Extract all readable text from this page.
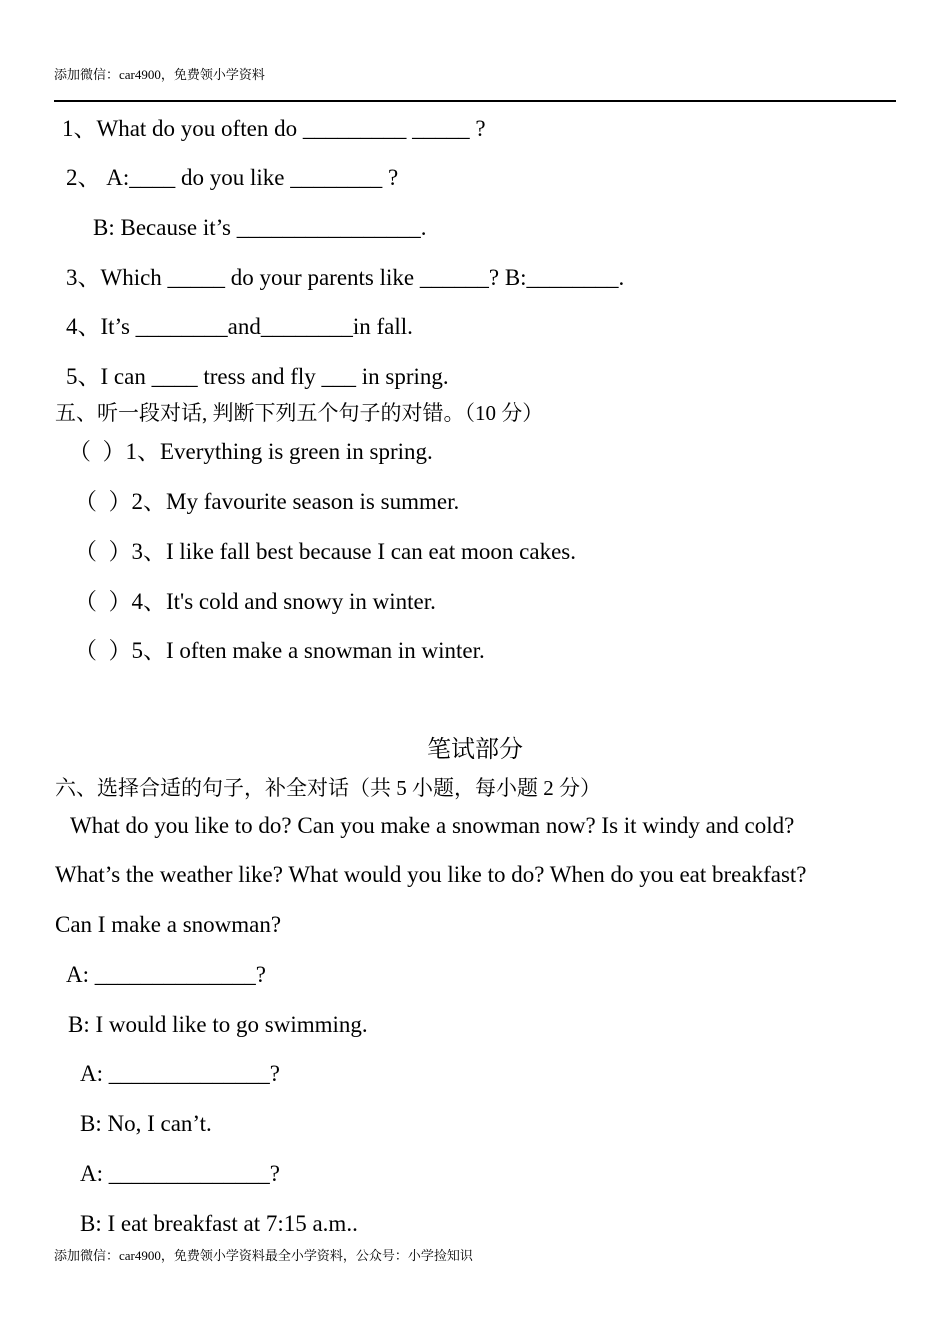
添加微信：car4900，免费领小学资料
1、What do you often do _________ _____ ?
2、 A:____ do you like ________ ?
B: Because it’s ________________.
3、Which _____ do your parents like ______? B:________.
4、It’s ________and________in fall.
5、I can ____ tress and fly ___ in spring.
五、听一段对话, 判断下列五个句子的对错。（10 分）
（  ）1、Everything is green in spring.
（  ）2、My favourite season is summer.
（  ）3、I like fall best because I can eat moon cakes.
（  ）4、It's cold and snowy in winter.
（  ）5、I often make a snowman in winter.
笔试部分
六、选择合适的句子，补全对话（共 5 小题，每小题 2 分）
What do you like to do? Can you make a snowman now? Is it windy and cold?
What’s the weather like? What would you like to do? When do you eat breakfast?
Can I make a snowman?
A: ______________?
B: I would like to go swimming.
A: ______________?
B: No, I can’t.
A: ______________?
B: I eat breakfast at 7:15 a.m..
添加微信：car4900，免费领小学资料最全小学资料，公众号：小学捡知识
